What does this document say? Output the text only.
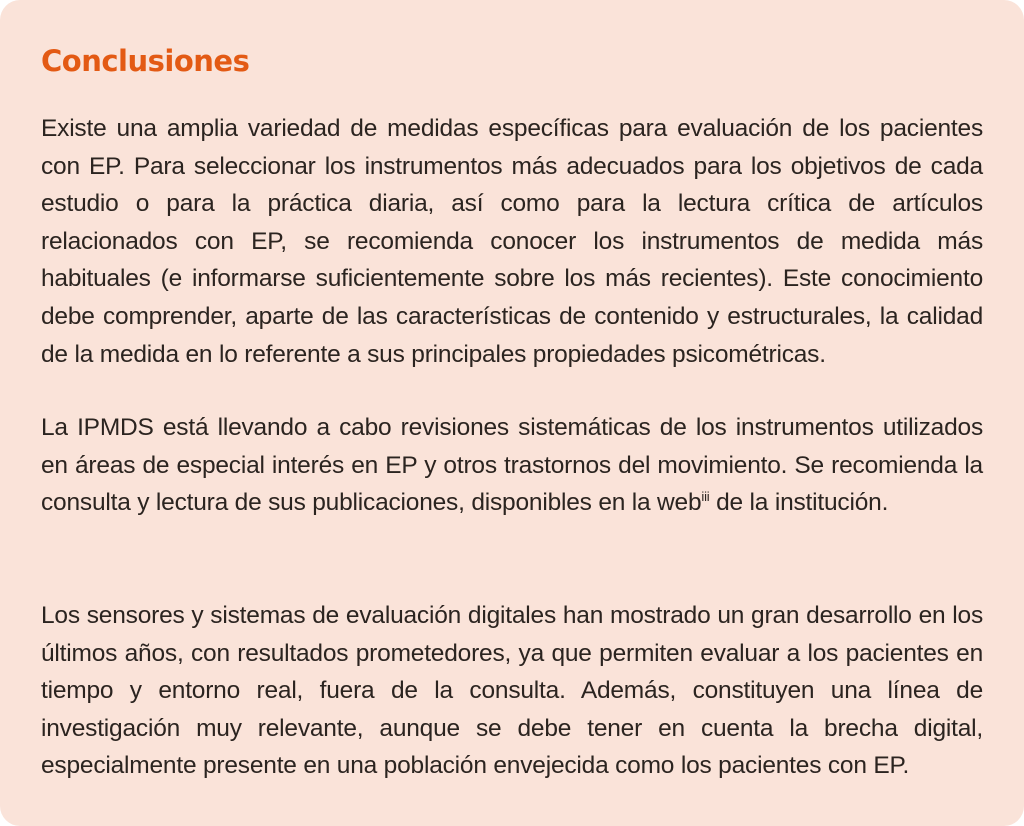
Conclusiones

Existe una amplia variedad de medidas específicas para evaluación de los pacientes con EP. Para seleccionar los instrumentos más adecuados para los objetivos de cada estudio o para la práctica diaria, así como para la lectura crítica de artículos relacionados con EP, se recomienda conocer los instrumentos de medida más habituales (e informarse suficientemente sobre los más recientes). Este conocimiento debe comprender, aparte de las características de contenido y estructurales, la calidad de la medida en lo referente a sus principales propiedades psicométricas.

La IPMDS está llevando a cabo revisiones sistemáticas de los instrumentos utilizados en áreas de especial interés en EP y otros trastornos del movimiento. Se recomienda la consulta y lectura de sus publicaciones, disponibles en la web$^{iii}$ de la institución.

Los sensores y sistemas de evaluación digitales han mostrado un gran desarrollo en los últimos años, con resultados prometedores, ya que permiten evaluar a los pacientes en tiempo y entorno real, fuera de la consulta. Además, constituyen una línea de investigación muy relevante, aunque se debe tener en cuenta la brecha digital, especialmente presente en una población envejecida como los pacientes con EP.
